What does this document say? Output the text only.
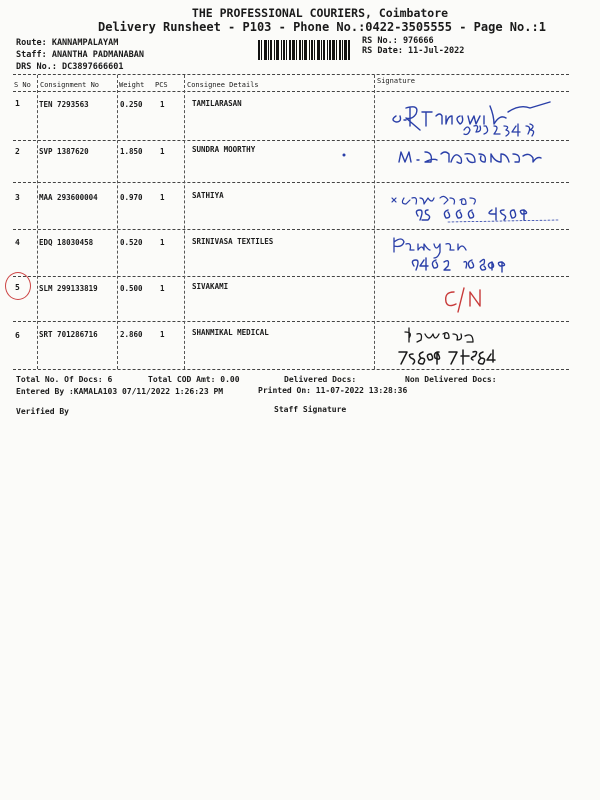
THE PROFESSIONAL COURIERS, Coimbatore
Delivery Runsheet - P103 - Phone No.:0422-3505555 - Page No.:1
Route: KANNAMPALAYAM
Staff: ANANTHA PADMANABAN
DRS No.: DC3897666601
RS No.: 976666
RS Date: 11-Jul-2022
S No Consignment No	Weight PCS	Consignee Details	Signature
1	TEN 7293563	0.250 1	TAMILARASAN
2	SVP 1387620	1.850 1	SUNDRA MOORTHY
3	MAA 293600004	0.970 1	SATHIYA
4	EDQ 18030458	0.520 1	SRINIVASA TEXTILES
5	SLM 299133819	0.500 1	SIVAKAMI
6	SRT 701286716	2.860 1	SHANMIKAL MEDICAL
Total No. Of Docs: 6	Total COD Amt: 0.00	Delivered Docs:	Non Delivered Docs:
Entered By :KAMALA103 07/11/2022 1:26:23 PM	Printed On: 11-07-2022 13:28:36
Verified By	Staff Signature
